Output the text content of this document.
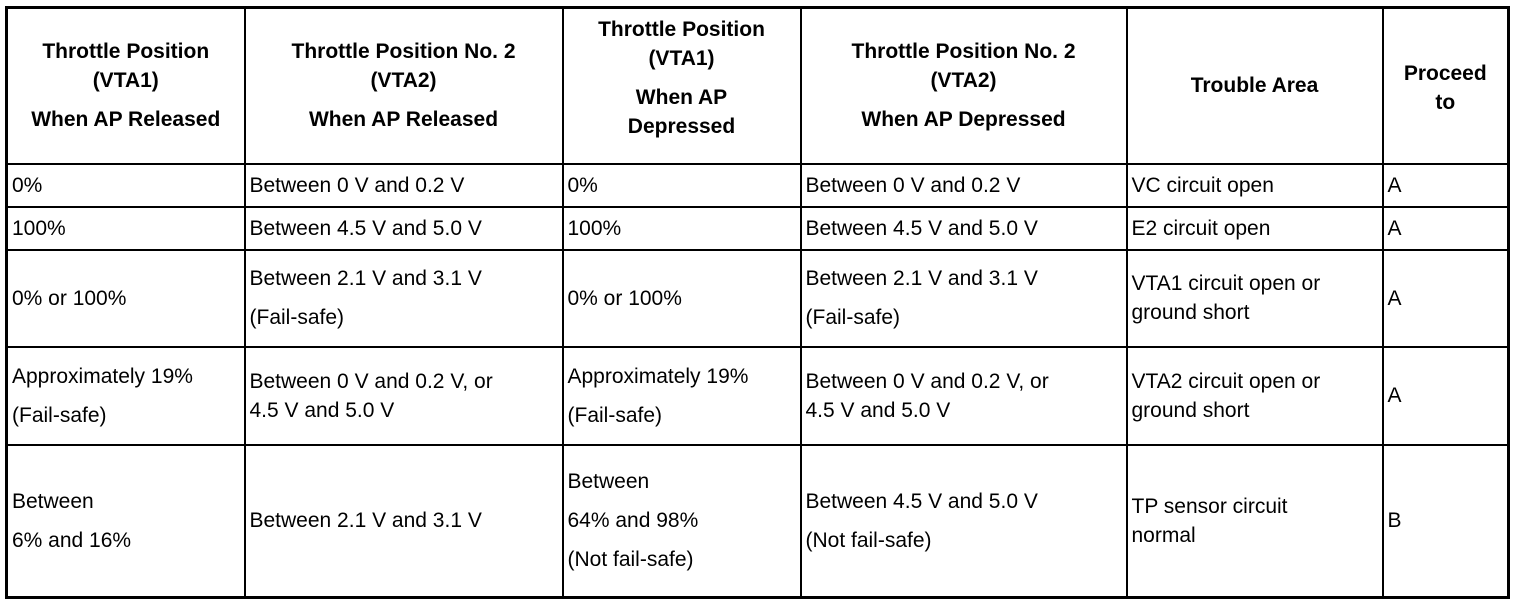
Throttle Position
(VTA1)
When AP Released	Throttle Position No. 2
(VTA2)
When AP Released	Throttle Position
(VTA1)
When AP
Depressed	Throttle Position No. 2
(VTA2)
When AP Depressed	Trouble Area	Proceed
to

0%	Between 0 V and 0.2 V	0%	Between 0 V and 0.2 V	VC circuit open	A
100%	Between 4.5 V and 5.0 V	100%	Between 4.5 V and 5.0 V	E2 circuit open	A
0% or 100%	Between 2.1 V and 3.1 V
(Fail-safe)	0% or 100%	Between 2.1 V and 3.1 V
(Fail-safe)	VTA1 circuit open or
ground short	A

Approximately 19%
(Fail-safe)	Between 0 V and 0.2 V, or
4.5 V and 5.0 V	Approximately 19%
(Fail-safe)	Between 0 V and 0.2 V, or
4.5 V and 5.0 V	VTA2 circuit open or
ground short	A

Between
6% and 16%	Between 2.1 V and 3.1 V	Between
64% and 98%
(Not fail-safe)	Between 4.5 V and 5.0 V
(Not fail-safe)	TP sensor circuit
normal	B
